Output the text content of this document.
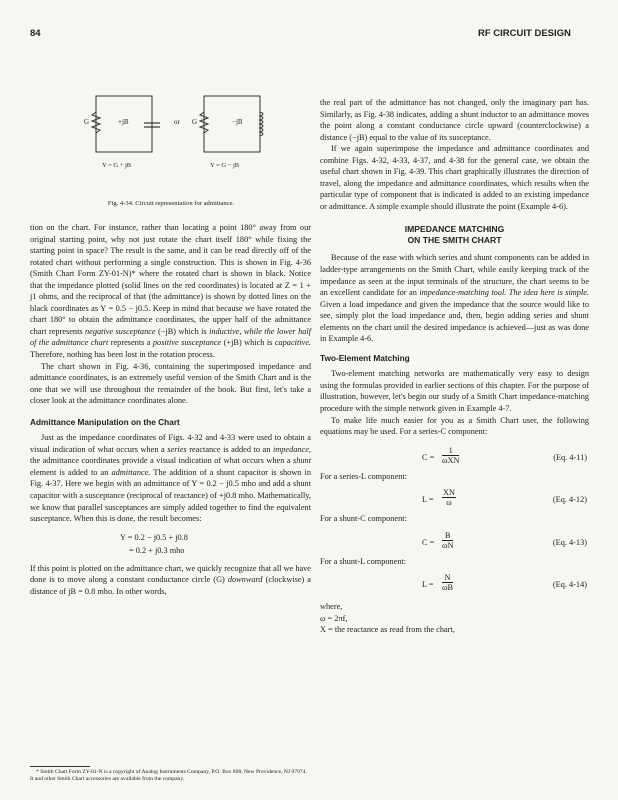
84	RF CIRCUIT DESIGN
G	+jB	or G	−jB
Y = G + jB	Y = G − jB
Fig. 4-34. Circuit representation for admittance.

tion on the chart. For instance, rather than locating a point 180° away from our original starting point, why not just rotate the chart itself 180° while fixing the starting point in space? The result is the same, and it can be read directly off of the rotated chart without performing a single construction. This is shown in Fig. 4-36 (Smith Chart Form ZY-01-N)* where the rotated chart is shown in black. Notice that the impedance plotted (solid lines on the red coordinates) is located at Z = 1 + j1 ohms, and the reciprocal of that (the admittance) is shown by dotted lines on the black coordinates as Y = 0.5 − j0.5. Keep in mind that because we have rotated the chart 180° to obtain the admittance coordinates, the upper half of the admittance chart represents negative susceptance (−jB) which is inductive, while the lower half of the admittance chart represents a positive susceptance (+jB) which is capacitive. Therefore, nothing has been lost in the rotation process.

The chart shown in Fig. 4-36, containing the superimposed impedance and admittance coordinates, is an extremely useful version of the Smith Chart and is the one that we will use throughout the remainder of the book. But first, let's take a closer look at the admittance coordinates alone.

Admittance Manipulation on the Chart

Just as the impedance coordinates of Figs. 4-32 and 4-33 were used to obtain a visual indication of what occurs when a series reactance is added to an impedance, the admittance coordinates provide a visual indication of what occurs when a shunt element is added to an admittance. The addition of a shunt capacitor is shown in Fig. 4-37. Here we begin with an admittance of Y = 0.2 − j0.5 mho and add a shunt capacitor with a susceptance (reciprocal of reactance) of +j0.8 mho. Mathematically, we know that parallel susceptances are simply added together to find the equivalent susceptance. When this is done, the result becomes:

Y = 0.2 − j0.5 + j0.8
= 0.2 + j0.3 mho

If this point is plotted on the admittance chart, we quickly recognize that all we have done is to move along a constant conductance circle (G) downward (clockwise) a distance of jB = 0.8 mho. In other words,

* Smith Chart Form ZY-01-N is a copyright of Analog Instruments Company, P.O. Box 808, New Providence, NJ 07974. It and other Smith Chart accessories are available from the company.

the real part of the admittance has not changed, only the imaginary part has. Similarly, as Fig. 4-38 indicates, adding a shunt inductor to an admittance moves the point along a constant conductance circle upward (counterclockwise) a distance (−jB) equal to the value of its susceptance.

If we again superimpose the impedance and admittance coordinates and combine Figs. 4-32, 4-33, 4-37, and 4-38 for the general case, we obtain the useful chart shown in Fig. 4-39. This chart graphically illustrates the direction of travel, along the impedance and admittance coordinates, which results when the particular type of component that is indicated is added to an existing impedance or admittance. A simple example should illustrate the point (Example 4-6).

IMPEDANCE MATCHING
ON THE SMITH CHART

Because of the ease with which series and shunt components can be added in ladder-type arrangements on the Smith Chart, while easily keeping track of the impedance as seen at the input terminals of the structure, the chart seems to be an excellent candidate for an impedance-matching tool. The idea here is simple. Given a load impedance and given the impedance that the source would like to see, simply plot the load impedance and, then, begin adding series and shunt elements on the chart until the desired impedance is achieved—just as was done in Example 4-6.

Two-Element Matching

Two-element matching networks are mathematically very easy to design using the formulas provided in earlier sections of this chapter. For the purpose of illustration, however, let's begin our study of a Smith Chart impedance-matching procedure with the simple network given in Example 4-7.

To make life much easier for you as a Smith Chart user, the following equations may be used. For a series-C component:

C =
1
ωXN	(Eq. 4-11)

For a series-L component:

$L = \frac{XN}{\omega}$	(Eq. 4-12)

For a shunt-C component:

$C = \frac{B}{\omega N}$	(Eq. 4-13)

For a shunt-L component:

$L = \frac{N}{\omega B}$	(Eq. 4-14)

where,

ω = 2πf,

X = the reactance as read from the chart,
